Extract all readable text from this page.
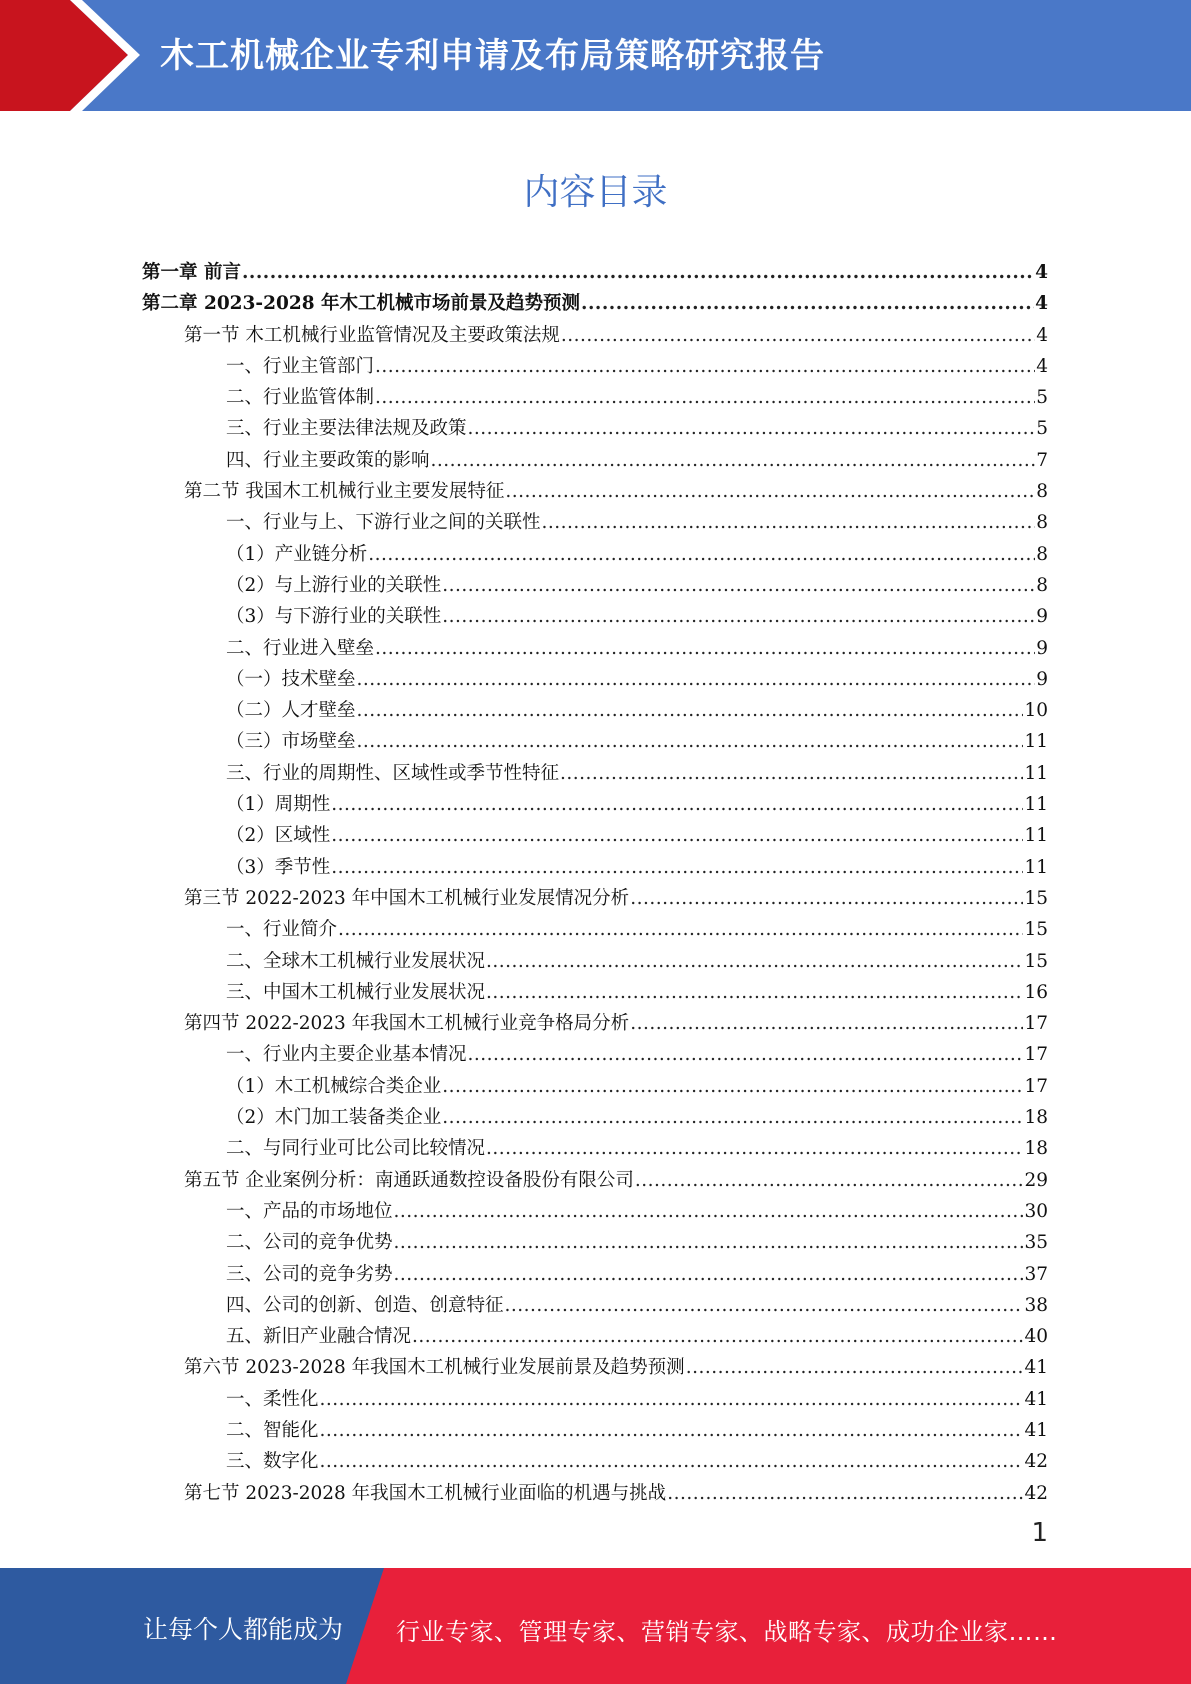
木工机械企业专利申请及布局策略研究报告
内容目录
第一章 前言 .....	4
第二章 2023-2028 年木工机械市场前景及趋势预测 .....	4
第一节 木工机械行业监管情况及主要政策法规 .....	4
一、行业主管部门 .....	4
二、行业监管体制 .....	5
三、行业主要法律法规及政策 .....	5
四、行业主要政策的影响 .....	7
第二节 我国木工机械行业主要发展特征 .....	8
一、行业与上、下游行业之间的关联性 .....	8
（1）产业链分析 .....	8
（2）与上游行业的关联性 .....	8
（3）与下游行业的关联性 .....	9
二、行业进入壁垒 .....	9
（一）技术壁垒 .....	9
（二）人才壁垒 .....	10
（三）市场壁垒 .....	11
三、行业的周期性、区域性或季节性特征 .....	11
（1）周期性 .....	11
（2）区域性 .....	11
（3）季节性 .....	11
第三节 2022-2023 年中国木工机械行业发展情况分析 .....	15
一、行业简介 .....	15
二、全球木工机械行业发展状况 .....	15
三、中国木工机械行业发展状况 .....	16
第四节 2022-2023 年我国木工机械行业竞争格局分析 .....	17
一、行业内主要企业基本情况 .....	17
（1）木工机械综合类企业 .....	17
（2）木门加工装备类企业 .....	18
二、与同行业可比公司比较情况 .....	18
第五节 企业案例分析：南通跃通数控设备股份有限公司 .....	29
一、产品的市场地位 .....	30
二、公司的竞争优势 .....	35
三、公司的竞争劣势 .....	37
四、公司的创新、创造、创意特征 .....	38
五、新旧产业融合情况 .....	40
第六节 2023-2028 年我国木工机械行业发展前景及趋势预测 .....	41
一、柔性化 .....	41
二、智能化 .....	41
三、数字化 .....	42
第七节 2023-2028 年我国木工机械行业面临的机遇与挑战 .....	42
1
让每个人都能成为 行业专家、管理专家、营销专家、战略专家、成功企业家……
